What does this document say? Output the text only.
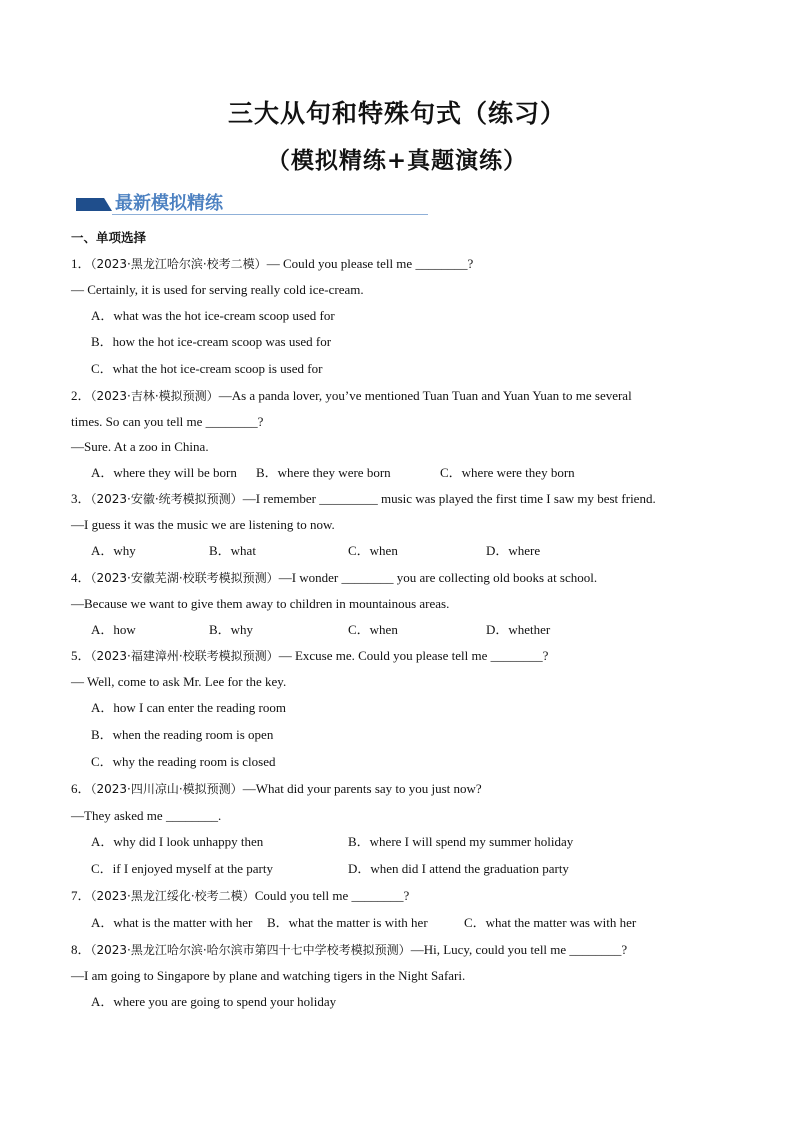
三大从句和特殊句式（练习）
（模拟精练+真题演练）
最新模拟精练
一、单项选择
1．（2023·黑龙江哈尔滨·校考二模）— Could you please tell me ________?
— Certainly, it is used for serving really cold ice-cream.
A．what was the hot ice-cream scoop used for
B．how the hot ice-cream scoop was used for
C．what the hot ice-cream scoop is used for
2．（2023·吉林·模拟预测）—As a panda lover, you’ve mentioned Tuan Tuan and Yuan Yuan to me several
times. So can you tell me ________?
—Sure. At a zoo in China.
A．where they will be born B．where they were born	C．where were they born
3．（2023·安徽·统考模拟预测）—I remember _________ music was played the first time I saw my best friend.
—I guess it was the music we are listening to now.
A．why	B．what	C．when	D．where
4．（2023·安徽芜湖·校联考模拟预测）—I wonder ________ you are collecting old books at school.
—Because we want to give them away to children in mountainous areas.
A．how	B．why	C．when	D．whether
5．（2023·福建漳州·校联考模拟预测）— Excuse me. Could you please tell me ________?
— Well, come to ask Mr. Lee for the key.
A．how I can enter the reading room
B．when the reading room is open
C．why the reading room is closed
6．（2023·四川凉山·模拟预测）—What did your parents say to you just now?
—They asked me ________.
A．why did I look unhappy then	B．where I will spend my summer holiday
C．if I enjoyed myself at the party	D．when did I attend the graduation party
7．（2023·黑龙江绥化·校考二模）Could you tell me ________?
A．what is the matter with her B．what the matter is with her	C．what the matter was with her
8．（2023·黑龙江哈尔滨·哈尔滨市第四十七中学校考模拟预测）—Hi, Lucy, could you tell me ________?
—I am going to Singapore by plane and watching tigers in the Night Safari.
A．where you are going to spend your holiday
